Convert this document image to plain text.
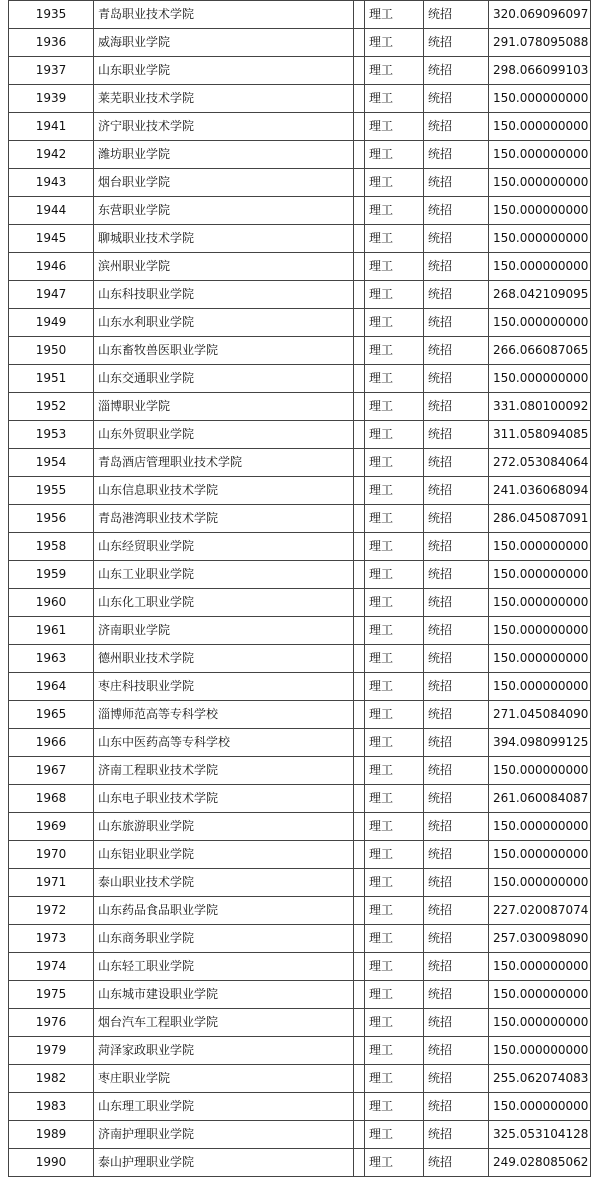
1935	青岛职业技术学院		理工	统招	320.069096097
1936	威海职业学院		理工	统招	291.078095088
1937	山东职业学院		理工	统招	298.066099103
1939	莱芜职业技术学院		理工	统招	150.000000000
1941	济宁职业技术学院		理工	统招	150.000000000
1942	潍坊职业学院		理工	统招	150.000000000
1943	烟台职业学院		理工	统招	150.000000000
1944	东营职业学院		理工	统招	150.000000000
1945	聊城职业技术学院		理工	统招	150.000000000
1946	滨州职业学院		理工	统招	150.000000000
1947	山东科技职业学院		理工	统招	268.042109095
1949	山东水利职业学院		理工	统招	150.000000000
1950	山东畜牧兽医职业学院		理工	统招	266.066087065
1951	山东交通职业学院		理工	统招	150.000000000
1952	淄博职业学院		理工	统招	331.080100092
1953	山东外贸职业学院		理工	统招	311.058094085
1954	青岛酒店管理职业技术学院		理工	统招	272.053084064
1955	山东信息职业技术学院		理工	统招	241.036068094
1956	青岛港湾职业技术学院		理工	统招	286.045087091
1958	山东经贸职业学院		理工	统招	150.000000000
1959	山东工业职业学院		理工	统招	150.000000000
1960	山东化工职业学院		理工	统招	150.000000000
1961	济南职业学院		理工	统招	150.000000000
1963	德州职业技术学院		理工	统招	150.000000000
1964	枣庄科技职业学院		理工	统招	150.000000000
1965	淄博师范高等专科学校		理工	统招	271.045084090
1966	山东中医药高等专科学校		理工	统招	394.098099125
1967	济南工程职业技术学院		理工	统招	150.000000000
1968	山东电子职业技术学院		理工	统招	261.060084087
1969	山东旅游职业学院		理工	统招	150.000000000
1970	山东铝业职业学院		理工	统招	150.000000000
1971	泰山职业技术学院		理工	统招	150.000000000
1972	山东药品食品职业学院		理工	统招	227.020087074
1973	山东商务职业学院		理工	统招	257.030098090
1974	山东轻工职业学院		理工	统招	150.000000000
1975	山东城市建设职业学院		理工	统招	150.000000000
1976	烟台汽车工程职业学院		理工	统招	150.000000000
1979	菏泽家政职业学院		理工	统招	150.000000000
1982	枣庄职业学院		理工	统招	255.062074083
1983	山东理工职业学院		理工	统招	150.000000000
1989	济南护理职业学院		理工	统招	325.053104128
1990	泰山护理职业学院		理工	统招	249.028085062
